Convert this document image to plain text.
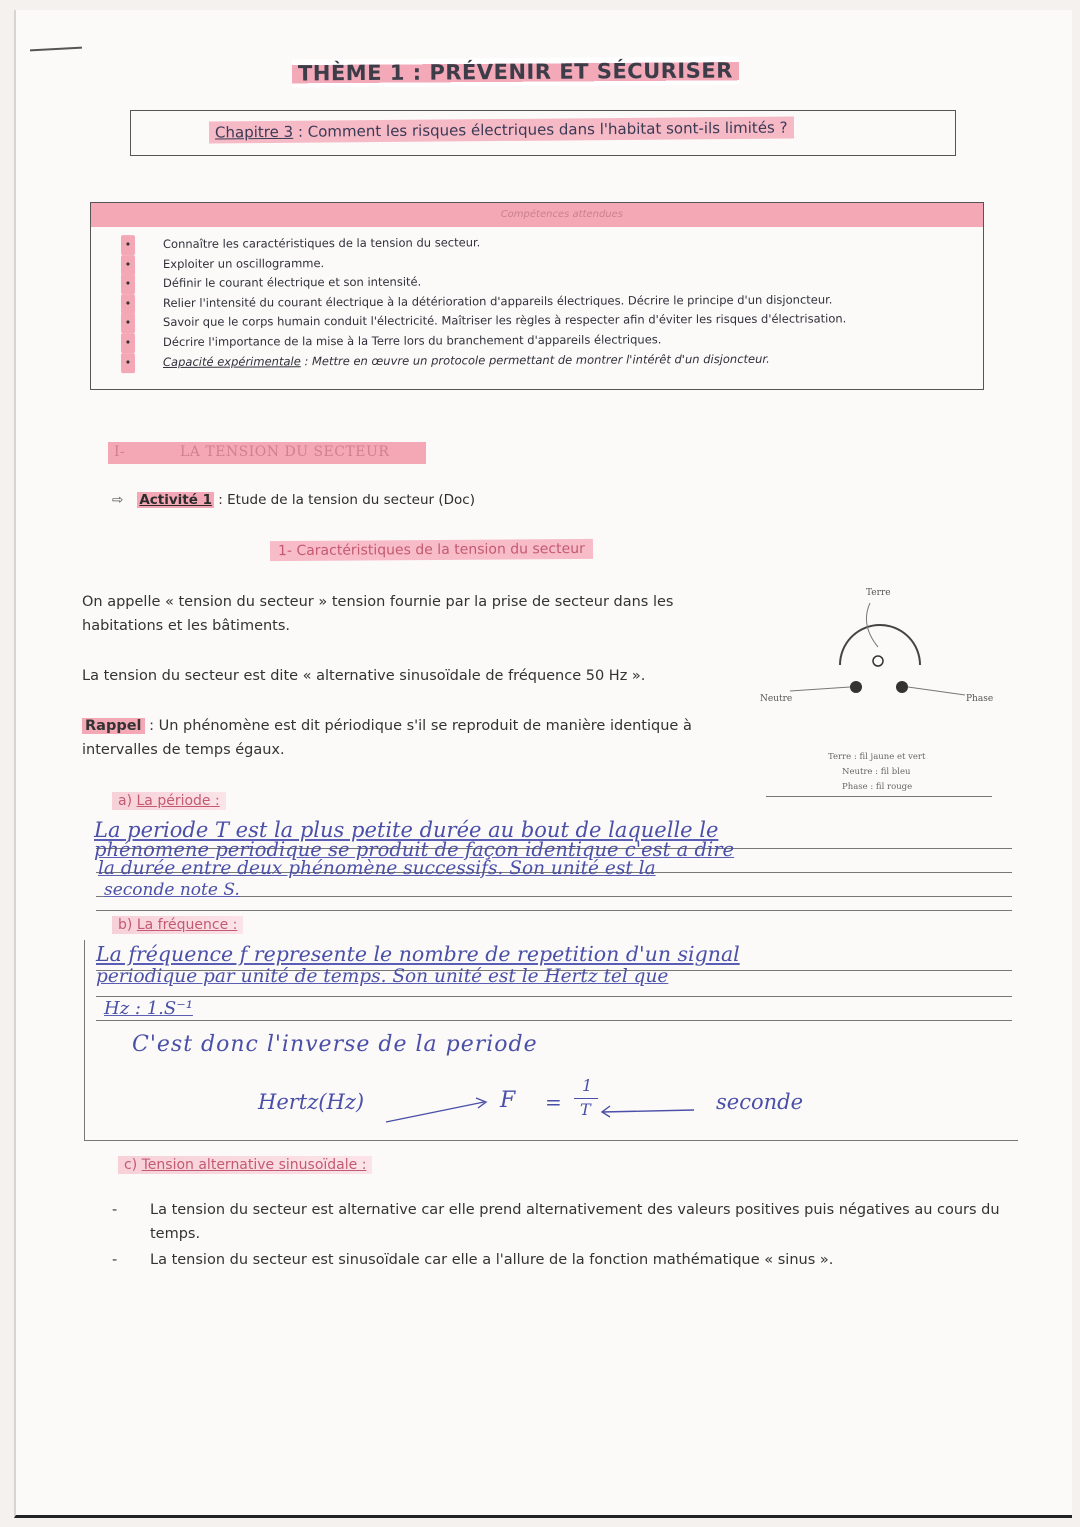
THÈME 1 : PRÉVENIR ET SÉCURISER
Chapitre 3 : Comment les risques électriques dans l'habitat sont-ils limités ?
Compétences attendues
• Connaître les caractéristiques de la tension du secteur.
• Exploiter un oscillogramme.
• Définir le courant électrique et son intensité.
• Relier l'intensité du courant électrique à la détérioration d'appareils électriques. Décrire le principe d'un disjoncteur.
• Savoir que le corps humain conduit l'électricité. Maîtriser les règles à respecter afin d'éviter les risques d'électrisation.
• Décrire l'importance de la mise à la Terre lors du branchement d'appareils électriques.
• Capacité expérimentale : Mettre en œuvre un protocole permettant de montrer l'intérêt d'un disjoncteur.
I-	LA TENSION DU SECTEUR
⇨ Activité 1 : Etude de la tension du secteur (Doc)
1- Caractéristiques de la tension du secteur
On appelle « tension du secteur » tension fournie par la prise de secteur dans les habitations et les bâtiments.
La tension du secteur est dite « alternative sinusoïdale de fréquence 50 Hz ».
Rappel : Un phénomène est dit périodique s'il se reproduit de manière identique à intervalles de temps égaux.
Terre
Neutre	Phase
Terre : fil jaune et vert
Neutre : fil bleu
Phase : fil rouge
a) La période :
La periode T est la plus petite durée au bout de laquelle le
phénomene periodique se produit de façon identique c'est a dire
la durée entre deux phénomène successifs. Son unité est la
seconde note S.
b) La fréquence :
La fréquence f represente le nombre de repetition d'un signal
periodique par unité de temps. Son unité est le Hertz tel que
Hz : 1.S⁻¹
C'est donc l'inverse de la periode
Hertz(Hz)	F =
1
T	seconde
c) Tension alternative sinusoïdale :
- La tension du secteur est alternative car elle prend alternativement des valeurs positives puis négatives au cours du temps.
- La tension du secteur est sinusoïdale car elle a l'allure de la fonction mathématique « sinus ».
